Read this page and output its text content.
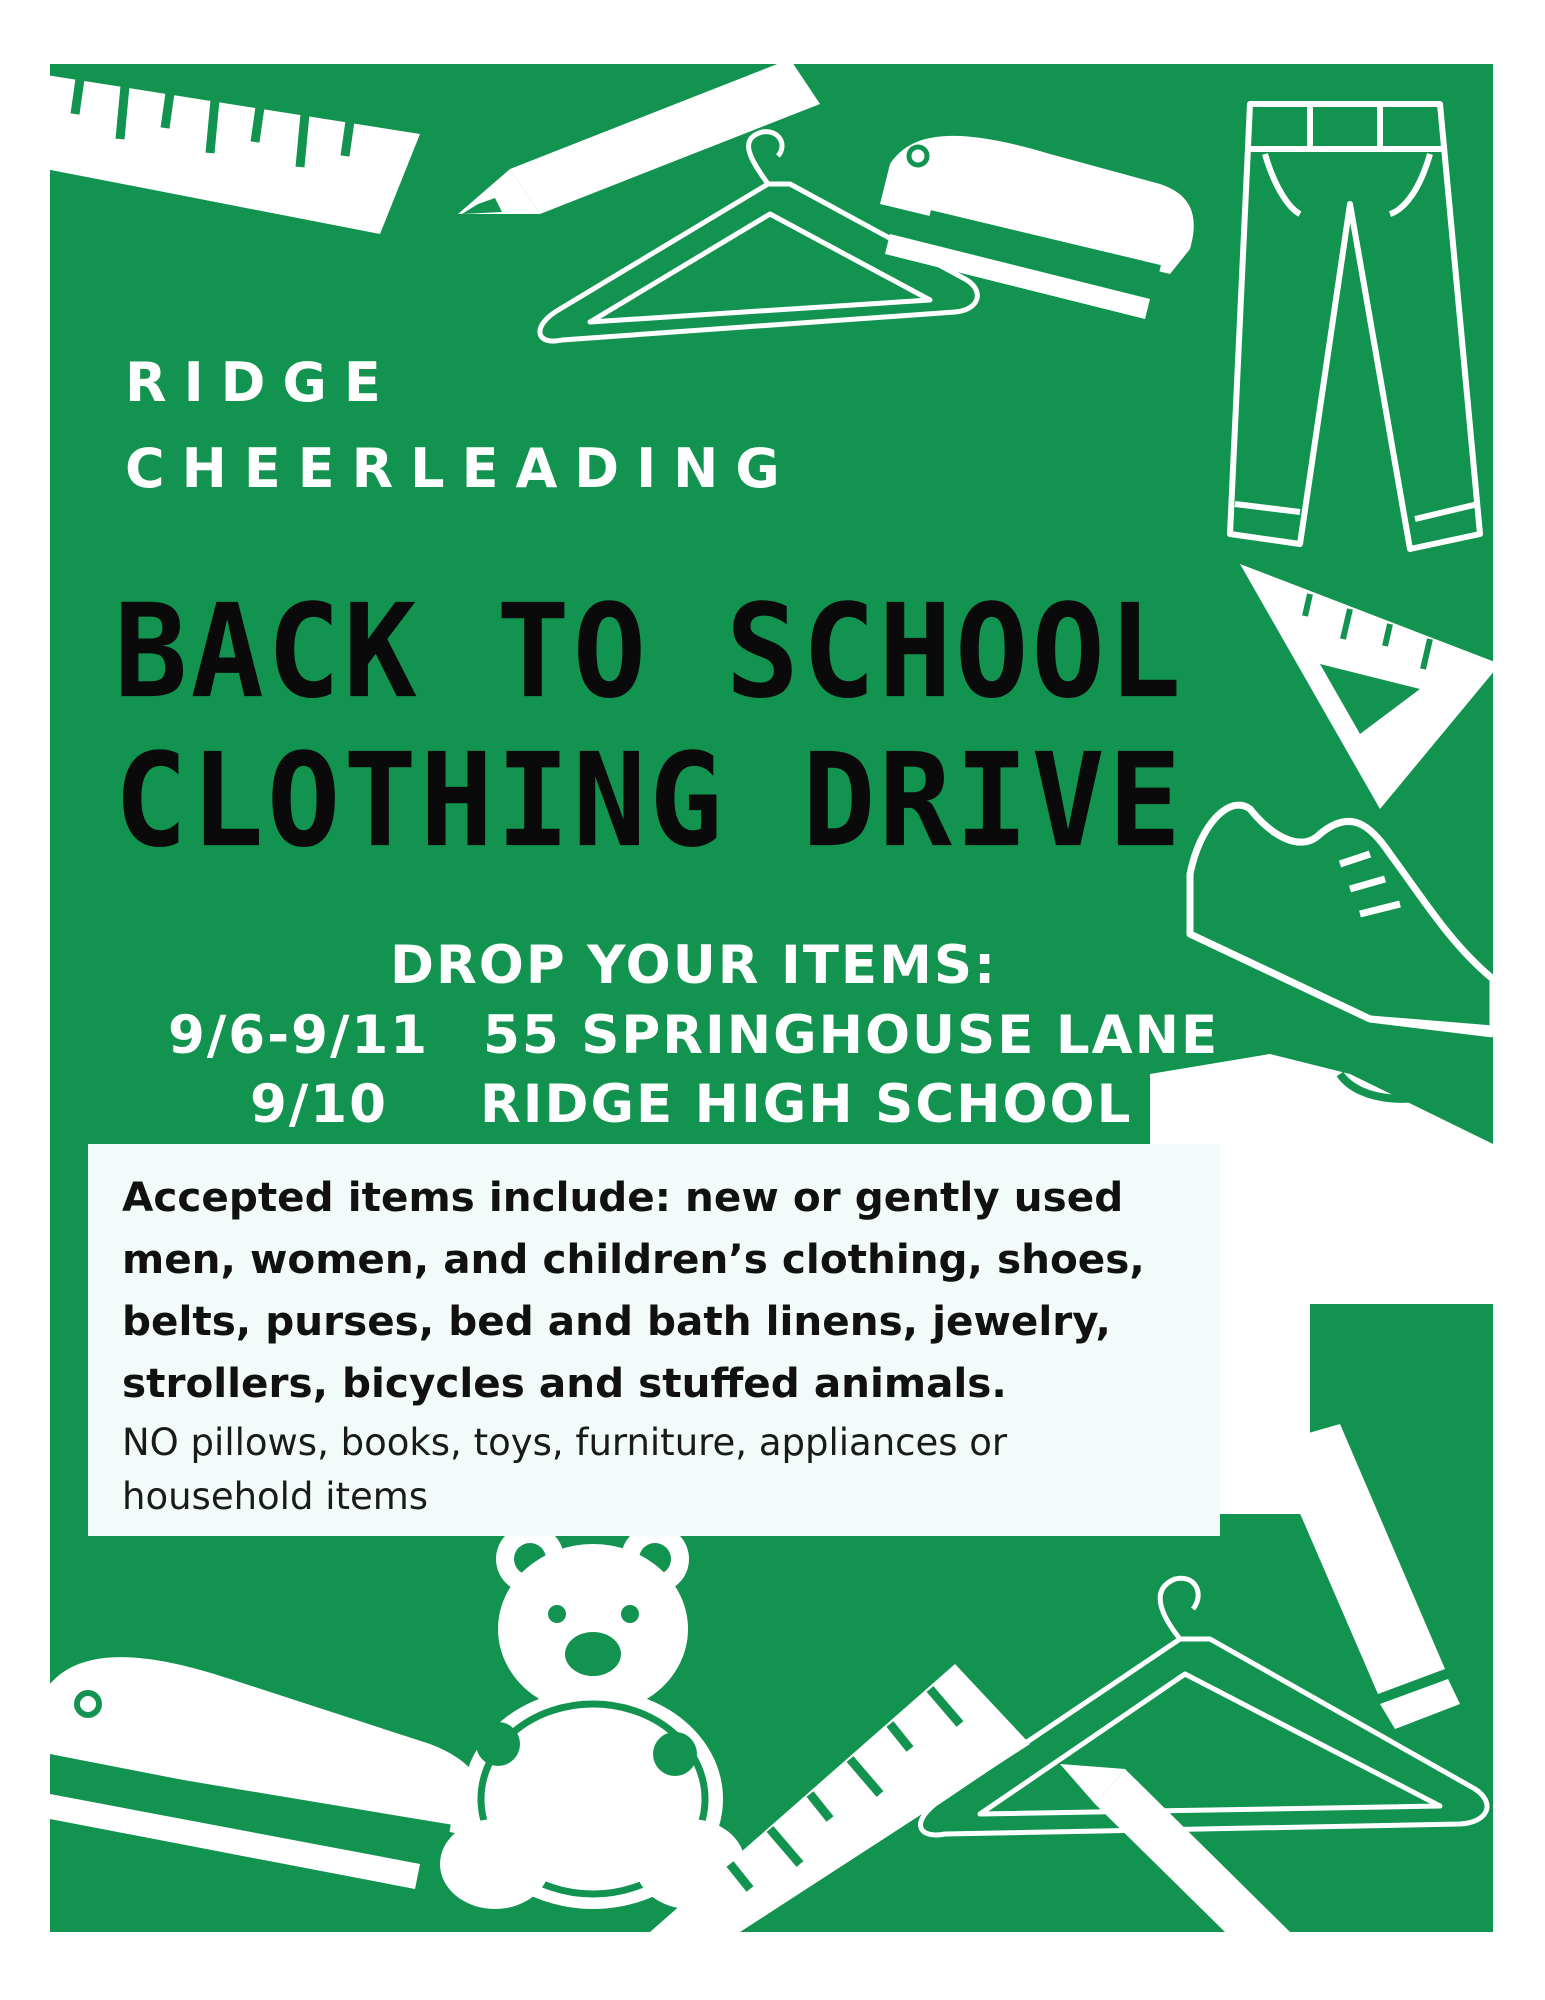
RIDGE

CHEERLEADING

BACK TO SCHOOL
CLOTHING DRIVE

DROP YOUR ITEMS:

9/6-9/11 55 SPRINGHOUSE LANE

9/10 RIDGE HIGH SCHOOL

Accepted items include: new or gently used men, women, and children’s clothing, shoes, belts, purses, bed and bath linens, jewelry, strollers, bicycles and stuffed animals.

NO pillows, books, toys, furniture, appliances or household items
